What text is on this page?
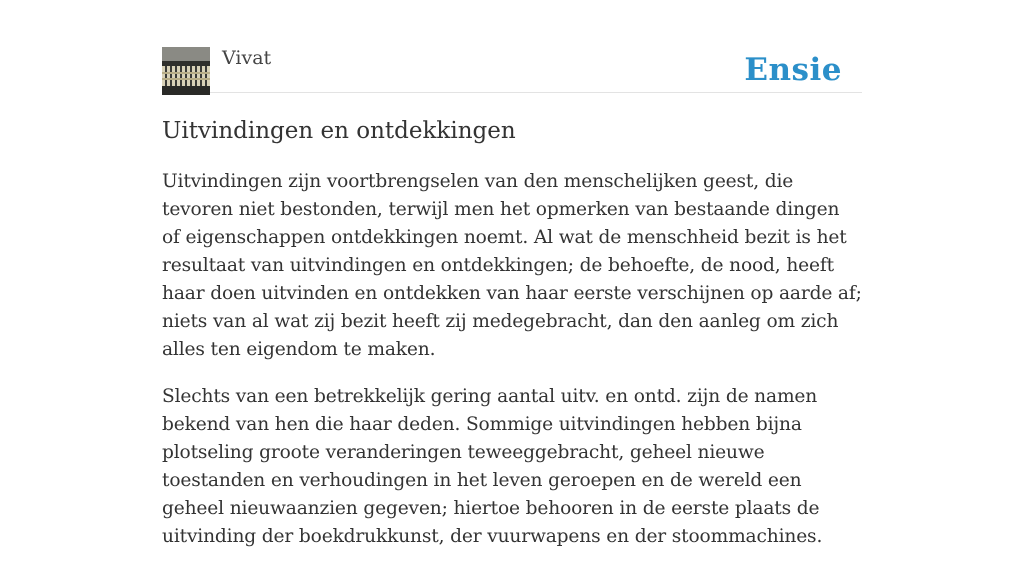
Vivat	Ensie
Uitvindingen en ontdekkingen

Uitvindingen zijn voortbrengselen van den menschelijken geest, die tevoren niet bestonden, terwijl men het opmerken van bestaande dingen of eigenschappen ontdekkingen noemt. Al wat de menschheid bezit is het resultaat van uitvindingen en ontdekkingen; de behoefte, de nood, heeft haar doen uitvinden en ontdekken van haar eerste verschijnen op aarde af; niets van al wat zij bezit heeft zij medegebracht, dan den aanleg om zich alles ten eigendom te maken.

Slechts van een betrekkelijk gering aantal uitv. en ontd. zijn de namen bekend van hen die haar deden. Sommige uitvindingen hebben bijna plotseling groote veranderingen teweeggebracht, geheel nieuwe toestanden en verhoudingen in het leven geroepen en de wereld een geheel nieuwaanzien gegeven; hiertoe behooren in de eerste plaats de uitvinding der boekdrukkunst, der vuurwapens en der stoommachines.
